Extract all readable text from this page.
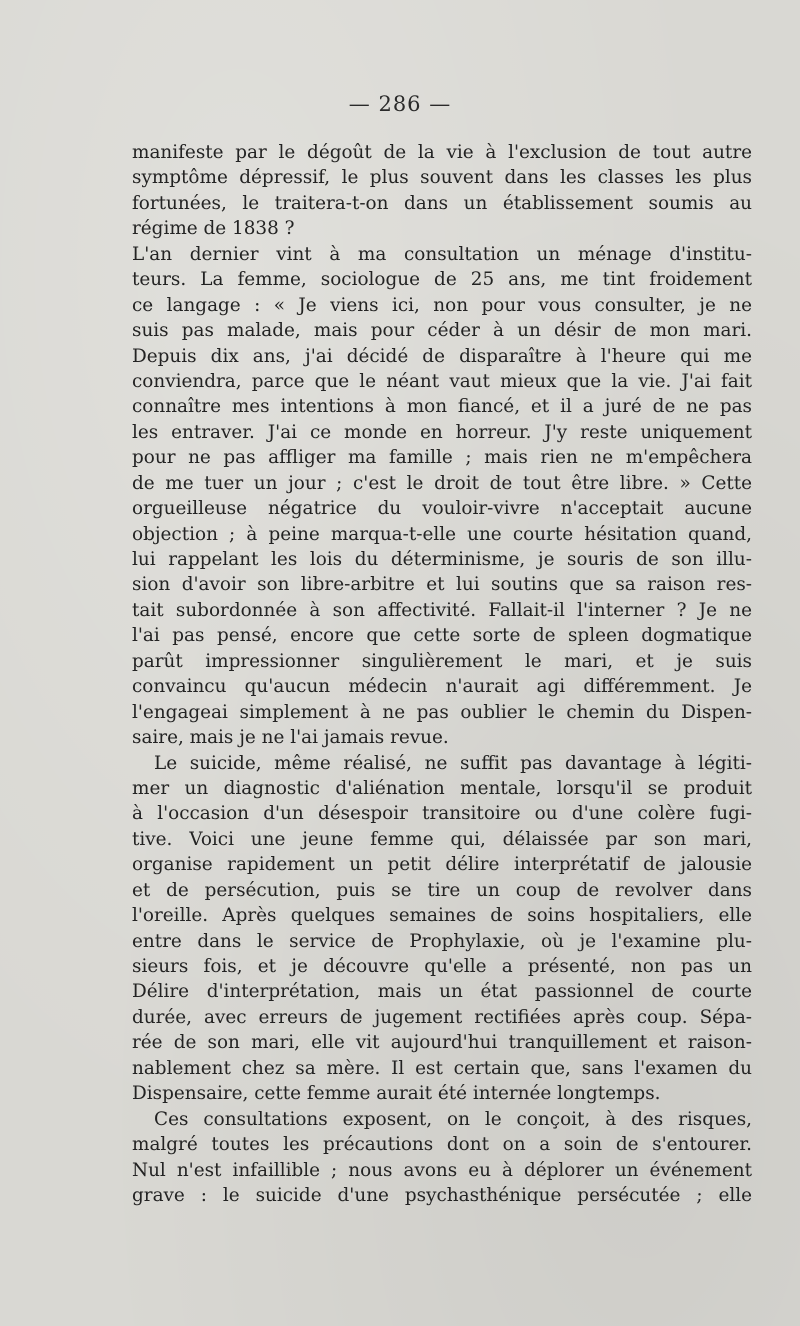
— 286 —
manifeste par le dégoût de la vie à l'exclusion de tout autre
symptôme dépressif, le plus souvent dans les classes les plus
fortunées, le traitera-t-on dans un établissement soumis au
régime de 1838 ?
L'an dernier vint à ma consultation un ménage d'institu-
teurs. La femme, sociologue de 25 ans, me tint froidement
ce langage : « Je viens ici, non pour vous consulter, je ne
suis pas malade, mais pour céder à un désir de mon mari.
Depuis dix ans, j'ai décidé de disparaître à l'heure qui me
conviendra, parce que le néant vaut mieux que la vie. J'ai fait
connaître mes intentions à mon fiancé, et il a juré de ne pas
les entraver. J'ai ce monde en horreur. J'y reste uniquement
pour ne pas affliger ma famille ; mais rien ne m'empêchera
de me tuer un jour ; c'est le droit de tout être libre. » Cette
orgueilleuse négatrice du vouloir-vivre n'acceptait aucune
objection ; à peine marqua-t-elle une courte hésitation quand,
lui rappelant les lois du déterminisme, je souris de son illu-
sion d'avoir son libre-arbitre et lui soutins que sa raison res-
tait subordonnée à son affectivité. Fallait-il l'interner ? Je ne
l'ai pas pensé, encore que cette sorte de spleen dogmatique
parût impressionner singulièrement le mari, et je suis
convaincu qu'aucun médecin n'aurait agi différemment. Je
l'engageai simplement à ne pas oublier le chemin du Dispen-
saire, mais je ne l'ai jamais revue.
Le suicide, même réalisé, ne suffit pas davantage à légiti-
mer un diagnostic d'aliénation mentale, lorsqu'il se produit
à l'occasion d'un désespoir transitoire ou d'une colère fugi-
tive. Voici une jeune femme qui, délaissée par son mari,
organise rapidement un petit délire interprétatif de jalousie
et de persécution, puis se tire un coup de revolver dans
l'oreille. Après quelques semaines de soins hospitaliers, elle
entre dans le service de Prophylaxie, où je l'examine plu-
sieurs fois, et je découvre qu'elle a présenté, non pas un
Délire d'interprétation, mais un état passionnel de courte
durée, avec erreurs de jugement rectifiées après coup. Sépa-
rée de son mari, elle vit aujourd'hui tranquillement et raison-
nablement chez sa mère. Il est certain que, sans l'examen du
Dispensaire, cette femme aurait été internée longtemps.
Ces consultations exposent, on le conçoit, à des risques,
malgré toutes les précautions dont on a soin de s'entourer.
Nul n'est infaillible ; nous avons eu à déplorer un événement
grave : le suicide d'une psychasthénique persécutée ; elle
